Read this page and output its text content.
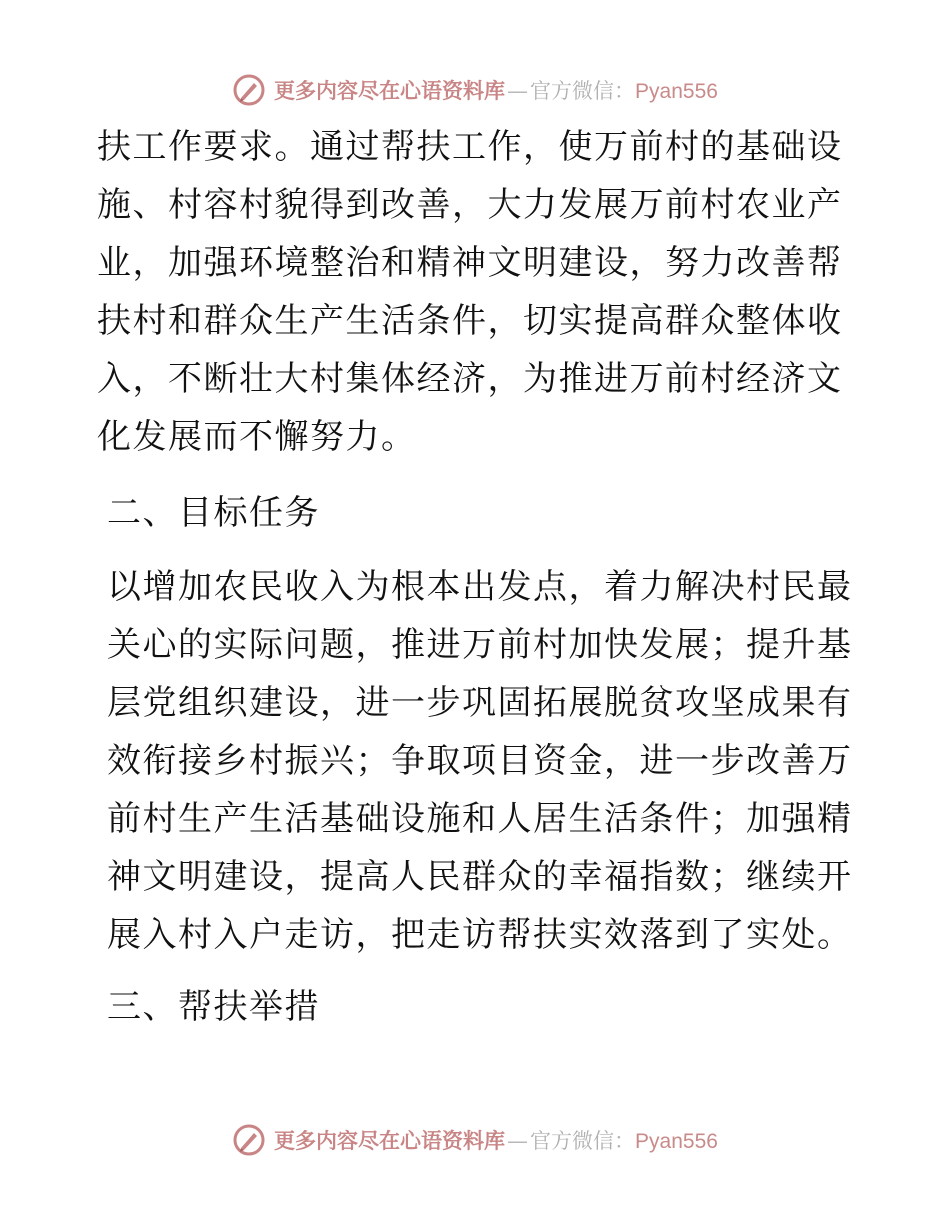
更多内容尽在心语资料库 — 官方微信： Pyan556

扶工作要求。通过帮扶工作，使万前村的基础设施、村容村貌得到改善，大力发展万前村农业产业，加强环境整治和精神文明建设，努力改善帮扶村和群众生产生活条件，切实提高群众整体收入，不断壮大村集体经济，为推进万前村经济文化发展而不懈努力。

二、目标任务

以增加农民收入为根本出发点，着力解决村民最关心的实际问题，推进万前村加快发展；提升基层党组织建设，进一步巩固拓展脱贫攻坚成果有效衔接乡村振兴；争取项目资金，进一步改善万前村生产生活基础设施和人居生活条件；加强精神文明建设，提高人民群众的幸福指数；继续开展入村入户走访，把走访帮扶实效落到了实处。

三、帮扶举措

更多内容尽在心语资料库 — 官方微信： Pyan556
